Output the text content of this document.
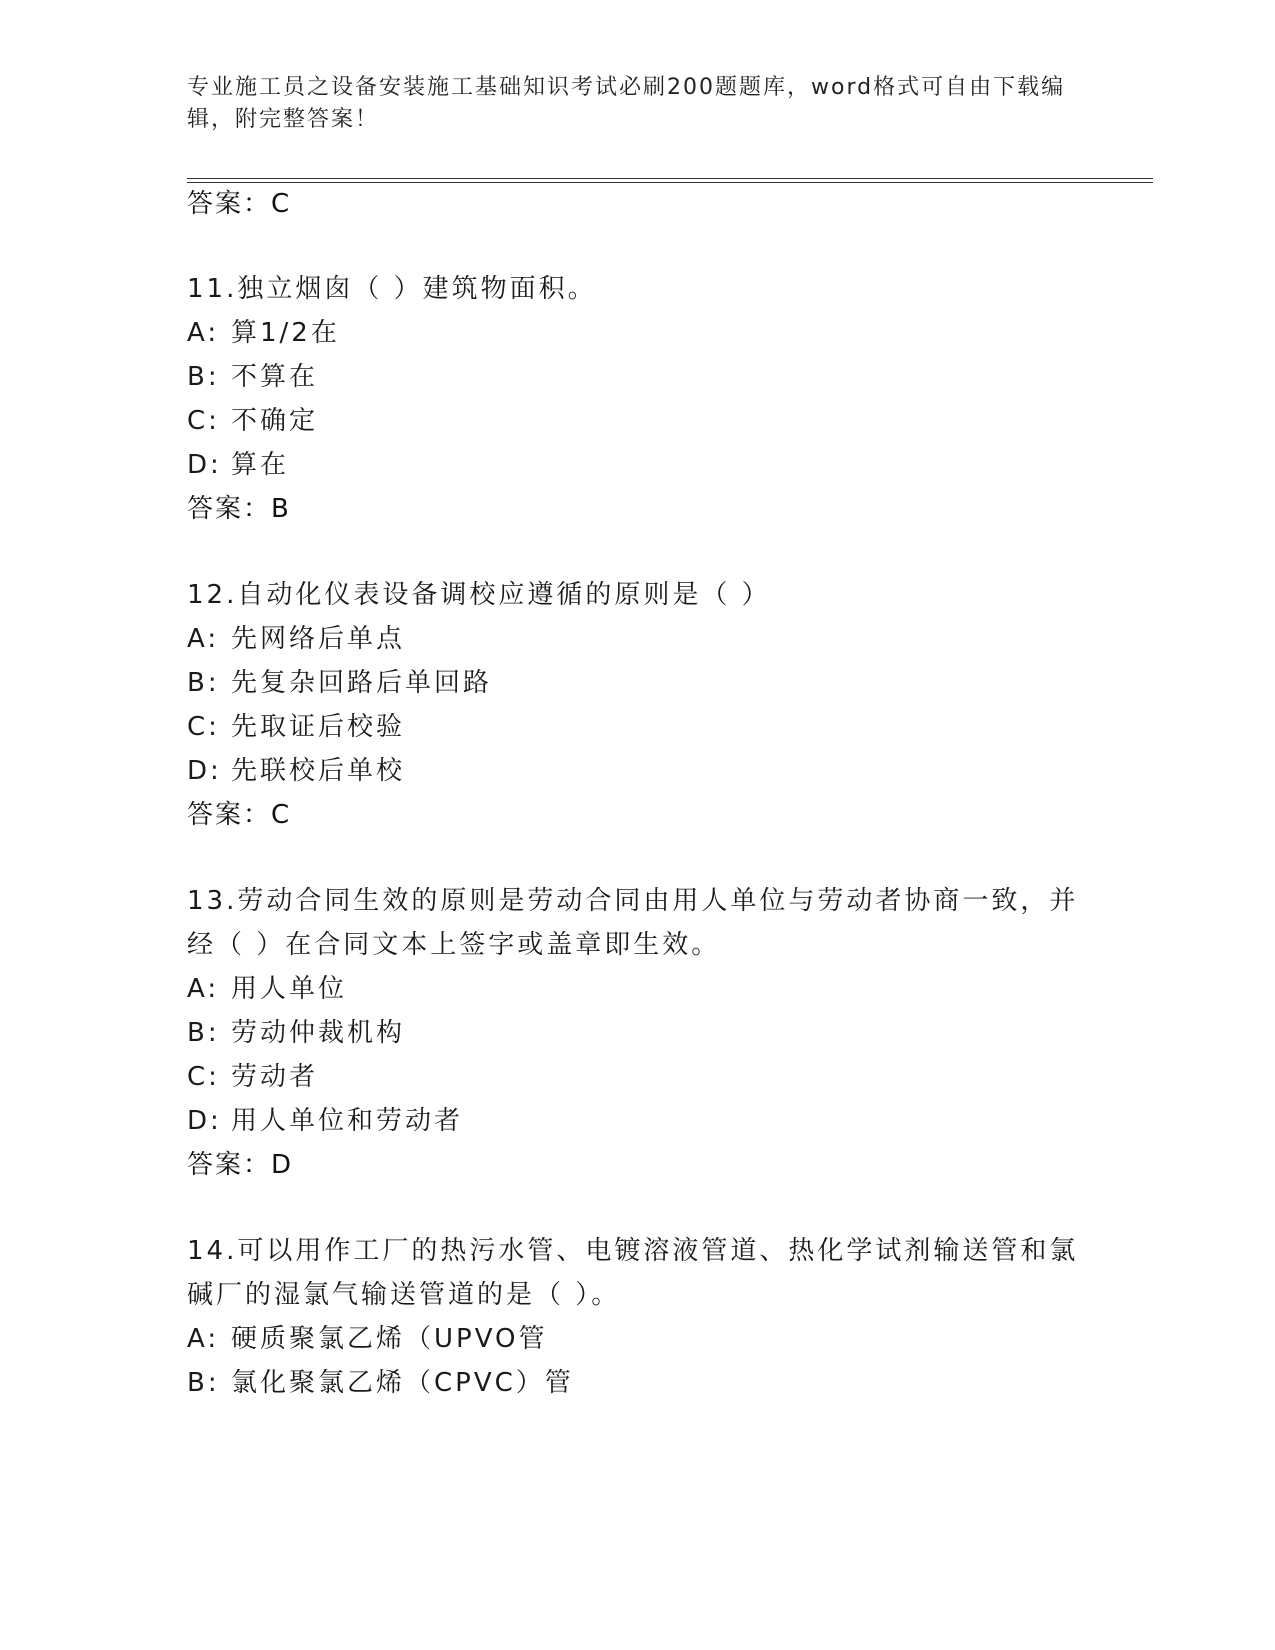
专业施工员之设备安装施工基础知识考试必刷200题题库，word格式可自由下载编辑，附完整答案！
答案：C
11.独立烟囱（ ）建筑物面积。
A: 算1/2在
B: 不算在
C: 不确定
D: 算在
答案：B
12.自动化仪表设备调校应遵循的原则是（ ）
A: 先网络后单点
B: 先复杂回路后单回路
C: 先取证后校验
D: 先联校后单校
答案：C
13.劳动合同生效的原则是劳动合同由用人单位与劳动者协商一致，并
经（ ）在合同文本上签字或盖章即生效。
A: 用人单位
B: 劳动仲裁机构
C: 劳动者
D: 用人单位和劳动者
答案：D
14.可以用作工厂的热污水管、电镀溶液管道、热化学试剂输送管和氯
碱厂的湿氯气输送管道的是（ ）。
A: 硬质聚氯乙烯（UPVO管
B: 氯化聚氯乙烯（CPVC）管
